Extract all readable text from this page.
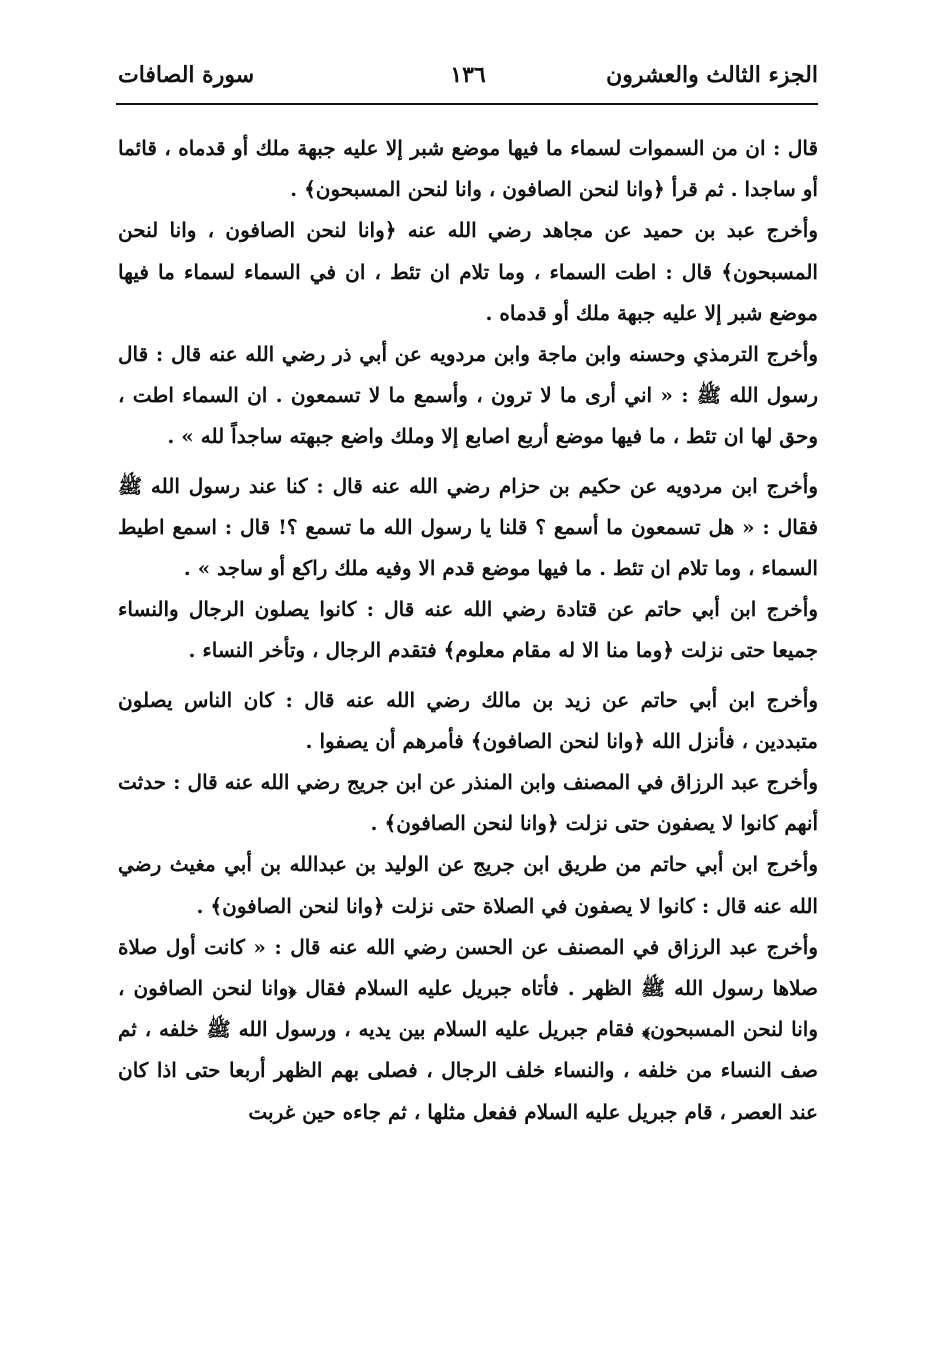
الجزء الثالث والعشرون
١٣٦
سورة الصافات

قال : ان من السموات لسماء ما فيها موضع شبر إلا عليه جبهة ملك أو قدماه ، قائما أو ساجدا . ثم قرأ ﴿وانا لنحن الصافون ، وانا لنحن المسبحون﴾ .

وأخرج عبد بن حميد عن مجاهد رضي الله عنه ﴿وانا لنحن الصافون ، وانا لنحن المسبحون﴾ قال : اطت السماء ، وما تلام ان تئط ، ان في السماء لسماء ما فيها موضع شبر إلا عليه جبهة ملك أو قدماه .

وأخرج الترمذي وحسنه وابن ماجة وابن مردويه عن أبي ذر رضي الله عنه قال : قال رسول الله ﷺ : « اني أرى ما لا ترون ، وأسمع ما لا تسمعون . ان السماء اطت ، وحق لها ان تئط ، ما فيها موضع أربع اصابع إلا وملك واضع جبهته ساجداً لله » .

وأخرج ابن مردويه عن حكيم بن حزام رضي الله عنه قال : كنا عند رسول الله ﷺ فقال : « هل تسمعون ما أسمع ؟ قلنا يا رسول الله ما تسمع ؟! قال : اسمع اطيط السماء ، وما تلام ان تئط . ما فيها موضع قدم الا وفيه ملك راكع أو ساجد » .

وأخرج ابن أبي حاتم عن قتادة رضي الله عنه قال : كانوا يصلون الرجال والنساء جميعا حتى نزلت ﴿وما منا الا له مقام معلوم﴾ فتقدم الرجال ، وتأخر النساء .

وأخرج ابن أبي حاتم عن زيد بن مالك رضي الله عنه قال : كان الناس يصلون متبددين ، فأنزل الله ﴿وانا لنحن الصافون﴾ فأمرهم أن يصفوا .

وأخرج عبد الرزاق في المصنف وابن المنذر عن ابن جريج رضي الله عنه قال : حدثت أنهم كانوا لا يصفون حتى نزلت ﴿وانا لنحن الصافون﴾ .

وأخرج ابن أبي حاتم من طريق ابن جريج عن الوليد بن عبدالله بن أبي مغيث رضي الله عنه قال : كانوا لا يصفون في الصلاة حتى نزلت ﴿وانا لنحن الصافون﴾ .

وأخرج عبد الرزاق في المصنف عن الحسن رضي الله عنه قال : « كانت أول صلاة صلاها رسول الله ﷺ الظهر . فأتاه جبريل عليه السلام فقال ﴿وانا لنحن الصافون ، وانا لنحن المسبحون﴾ فقام جبريل عليه السلام بين يديه ، ورسول الله ﷺ خلفه ، ثم صف النساء من خلفه ، والنساء خلف الرجال ، فصلى بهم الظهر أربعا حتى اذا كان عند العصر ، قام جبريل عليه السلام ففعل مثلها ، ثم جاءه حين غربت
